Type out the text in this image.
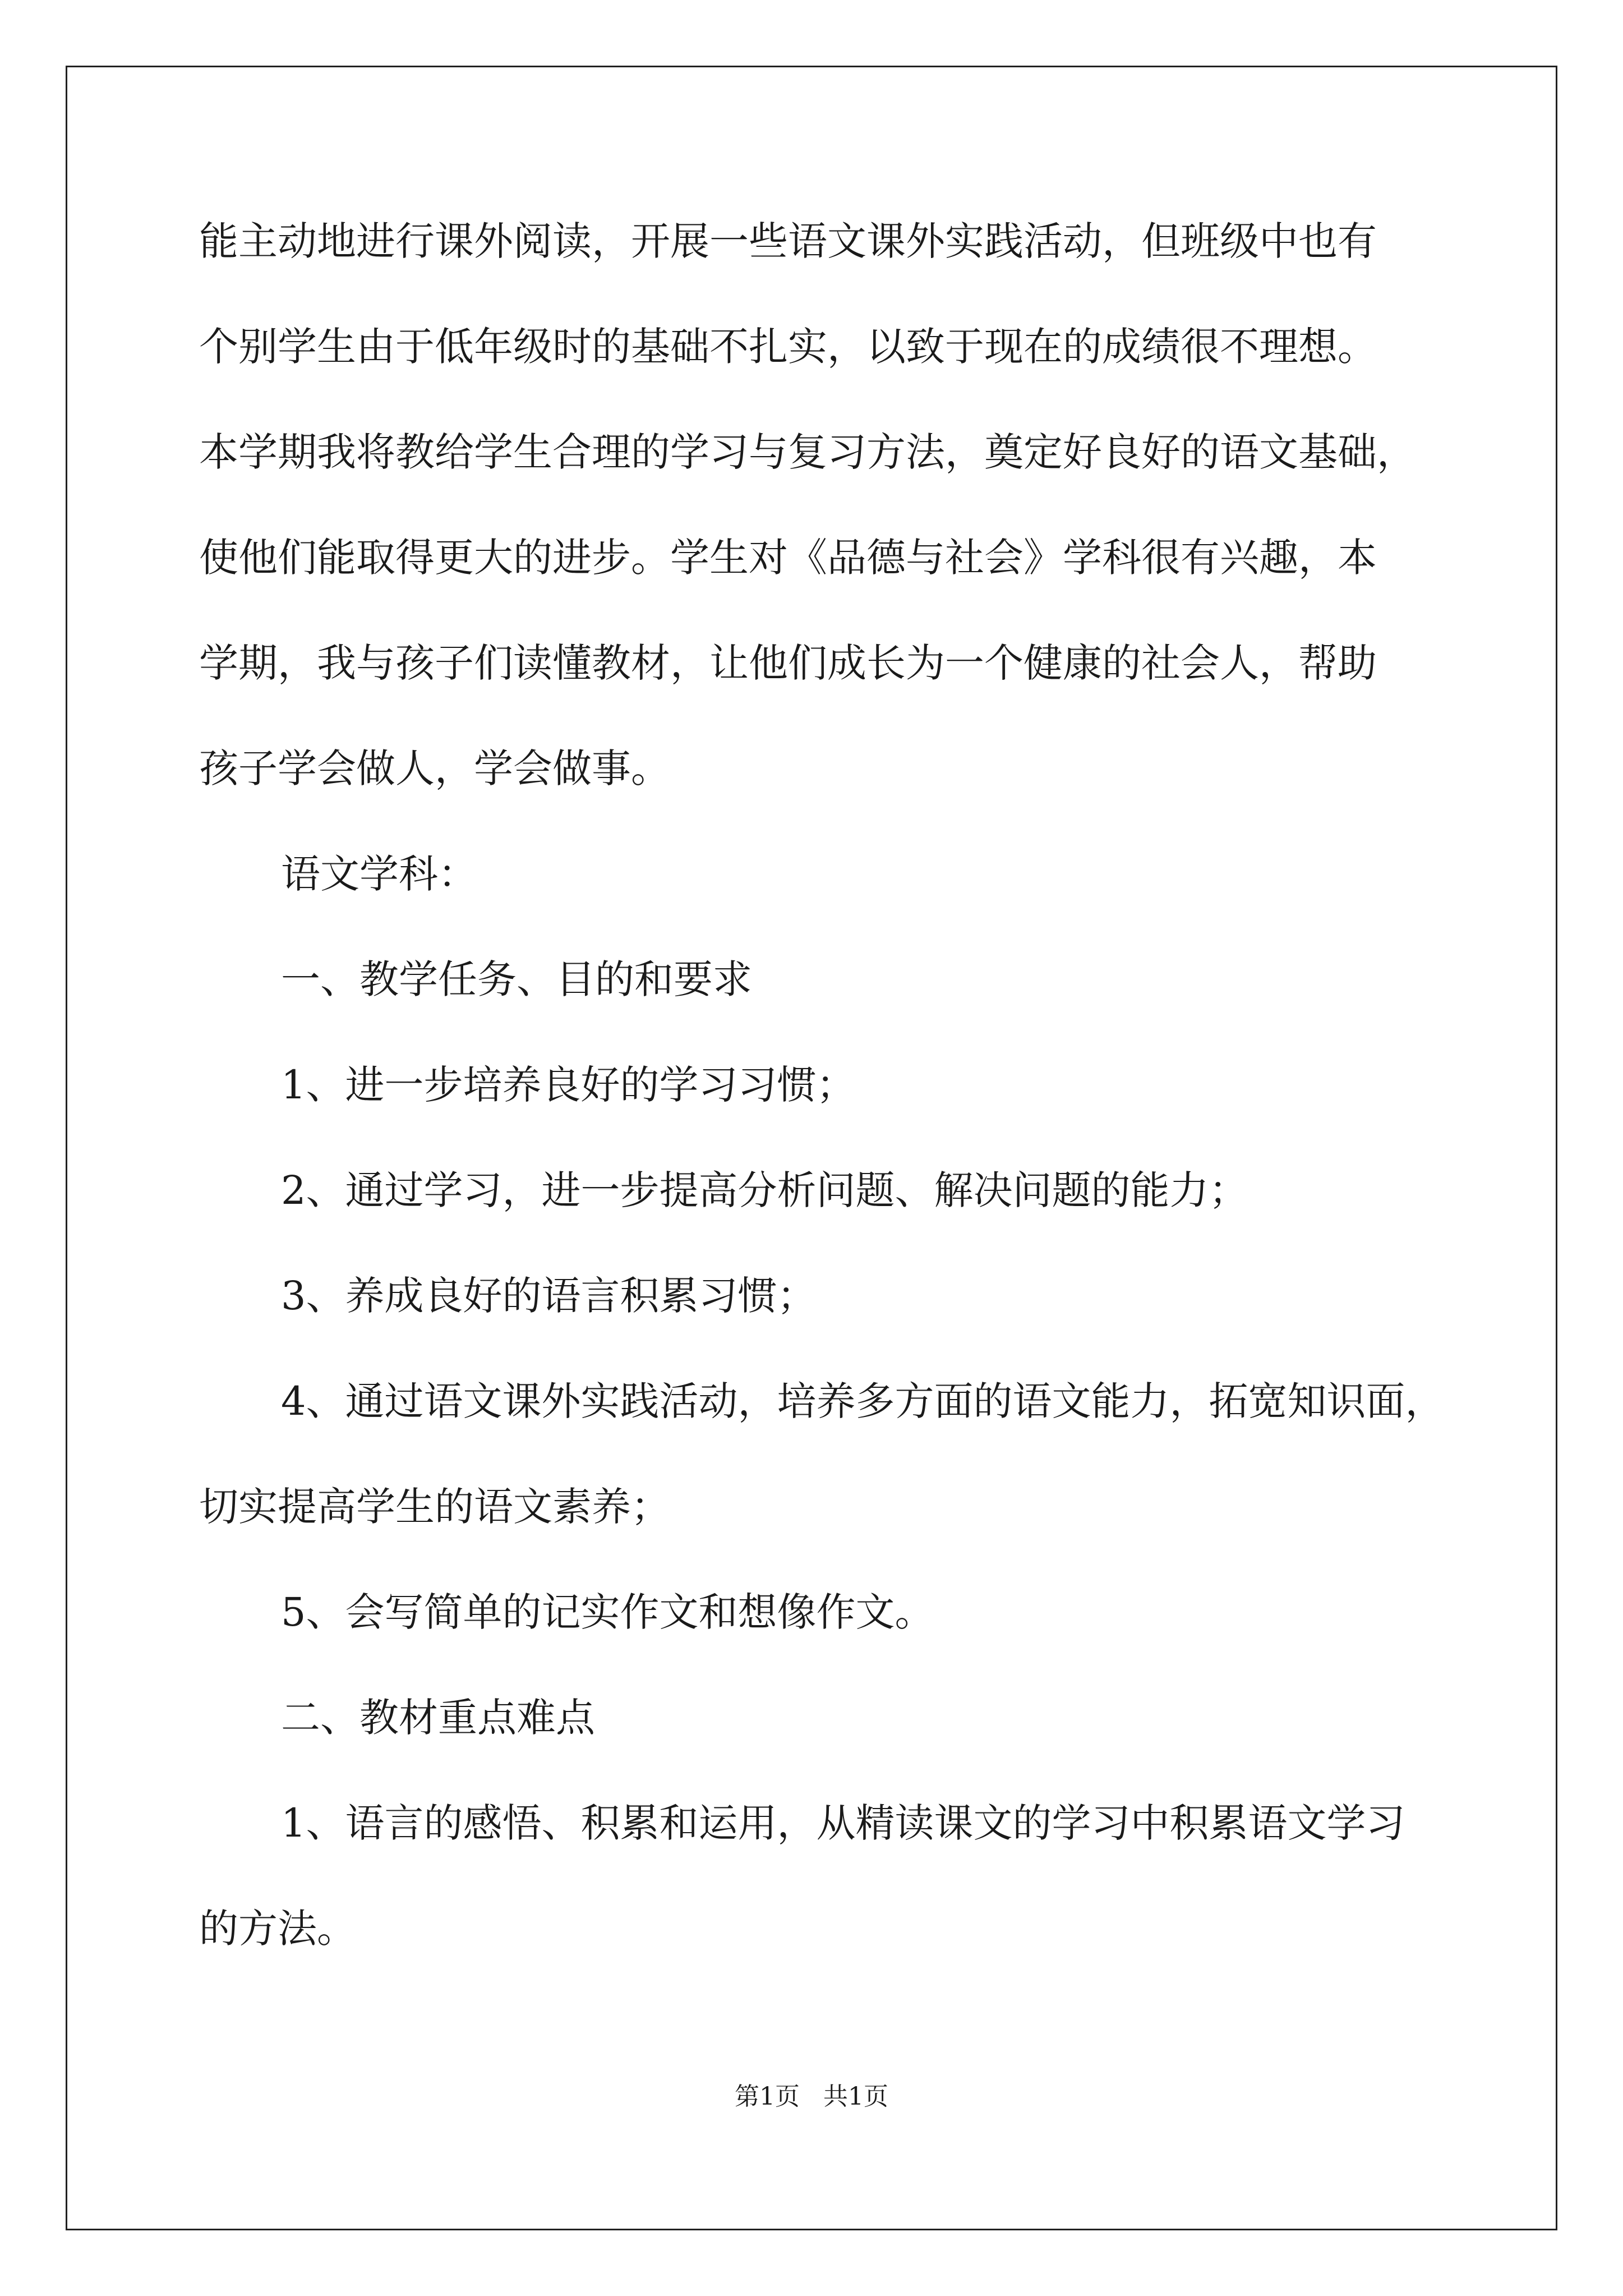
能主动地进行课外阅读，开展一些语文课外实践活动，但班级中也有
个别学生由于低年级时的基础不扎实，以致于现在的成绩很不理想。
本学期我将教给学生合理的学习与复习方法，奠定好良好的语文基础，
使他们能取得更大的进步。学生对《品德与社会》学科很有兴趣，本
学期，我与孩子们读懂教材，让他们成长为一个健康的社会人，帮助
孩子学会做人，学会做事。
语文学科：
一、教学任务、目的和要求
1、进一步培养良好的学习习惯；
2、通过学习，进一步提高分析问题、解决问题的能力；
3、养成良好的语言积累习惯；
4、通过语文课外实践活动，培养多方面的语文能力，拓宽知识面，
切实提高学生的语文素养；
5、会写简单的记实作文和想像作文。
二、教材重点难点
1、语言的感悟、积累和运用，从精读课文的学习中积累语文学习
的方法。
第1页 共1页
